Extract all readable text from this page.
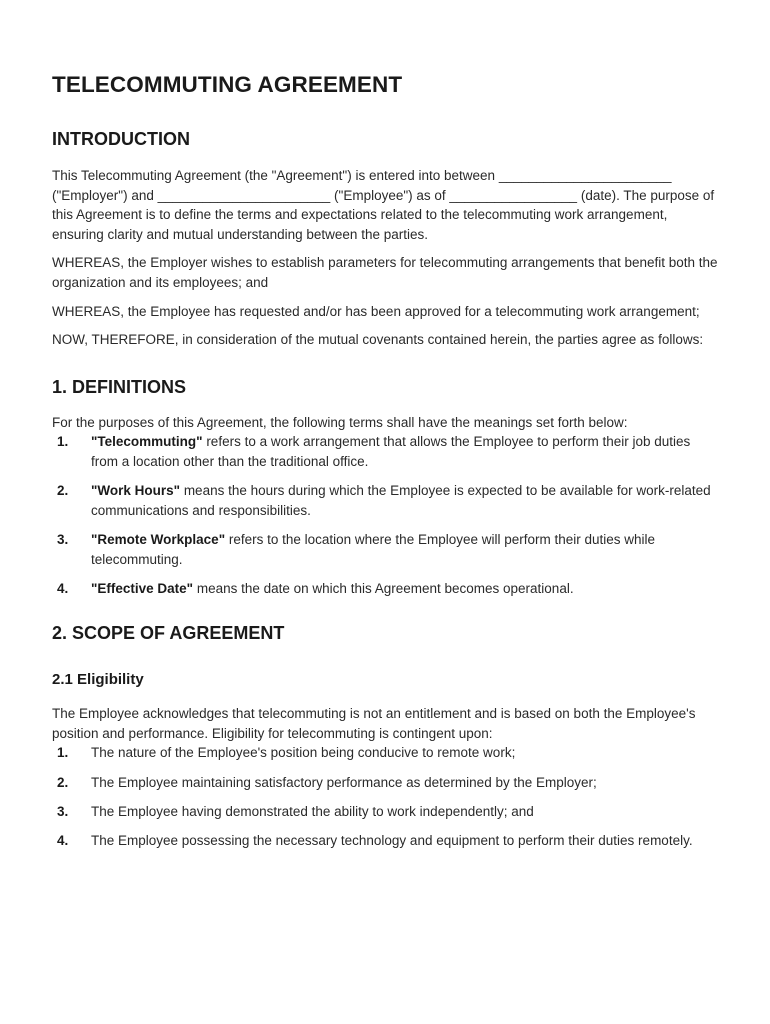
TELECOMMUTING AGREEMENT
INTRODUCTION

This Telecommuting Agreement (the "Agreement") is entered into between _______________________ ("Employer") and _______________________ ("Employee") as of _________________ (date). The purpose of this Agreement is to define the terms and expectations related to the telecommuting work arrangement, ensuring clarity and mutual understanding between the parties.

WHEREAS, the Employer wishes to establish parameters for telecommuting arrangements that benefit both the organization and its employees; and

WHEREAS, the Employee has requested and/or has been approved for a telecommuting work arrangement;

NOW, THEREFORE, in consideration of the mutual covenants contained herein, the parties agree as follows:

1. DEFINITIONS

For the purposes of this Agreement, the following terms shall have the meanings set forth below:

1. "Telecommuting" refers to a work arrangement that allows the Employee to perform their job duties from a location other than the traditional office.
2. "Work Hours" means the hours during which the Employee is expected to be available for work-related communications and responsibilities.
3. "Remote Workplace" refers to the location where the Employee will perform their duties while telecommuting.
4. "Effective Date" means the date on which this Agreement becomes operational.
2. SCOPE OF AGREEMENT
2.1 Eligibility

The Employee acknowledges that telecommuting is not an entitlement and is based on both the Employee's position and performance. Eligibility for telecommuting is contingent upon:

1. The nature of the Employee's position being conducive to remote work;
2. The Employee maintaining satisfactory performance as determined by the Employer;
3. The Employee having demonstrated the ability to work independently; and
4. The Employee possessing the necessary technology and equipment to perform their duties remotely.
